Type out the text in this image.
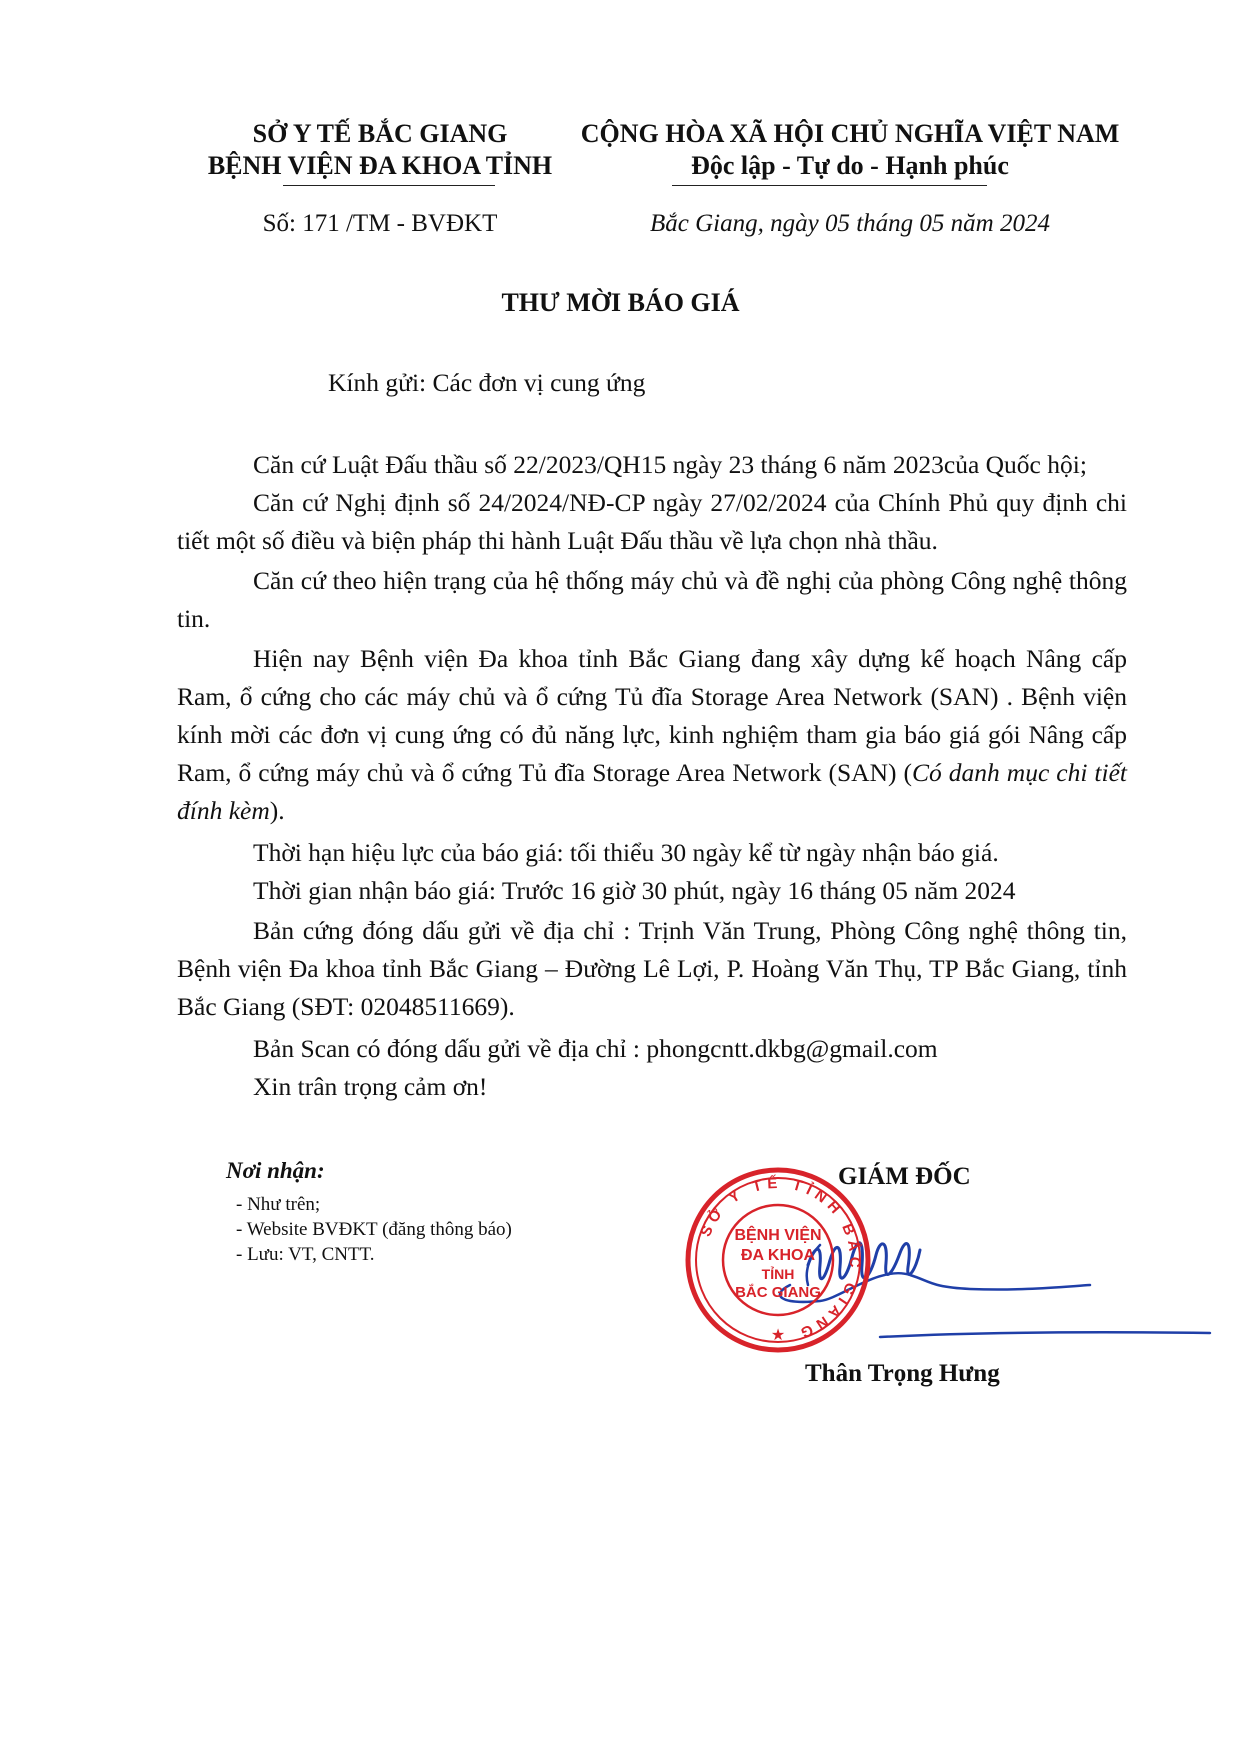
SỞ Y TẾ BẮC GIANG
BỆNH VIỆN ĐA KHOA TỈNH
Số: 171 /TM - BVĐKT
CỘNG HÒA XÃ HỘI CHỦ NGHĨA VIỆT NAM
Độc lập - Tự do - Hạnh phúc
Bắc Giang, ngày 05 tháng 05 năm 2024
THƯ MỜI BÁO GIÁ
Kính gửi: Các đơn vị cung ứng
Căn cứ Luật Đấu thầu số 22/2023/QH15 ngày 23 tháng 6 năm 2023của Quốc hội;
Căn cứ Nghị định số 24/2024/NĐ-CP ngày 27/02/2024 của Chính Phủ quy định chi tiết một số điều và biện pháp thi hành Luật Đấu thầu về lựa chọn nhà thầu.
Căn cứ theo hiện trạng của hệ thống máy chủ và đề nghị của phòng Công nghệ thông tin.
Hiện nay Bệnh viện Đa khoa tỉnh Bắc Giang đang xây dựng kế hoạch Nâng cấp Ram, ổ cứng cho các máy chủ và ổ cứng Tủ đĩa Storage Area Network (SAN) . Bệnh viện kính mời các đơn vị cung ứng có đủ năng lực, kinh nghiệm tham gia báo giá gói Nâng cấp Ram, ổ cứng máy chủ và ổ cứng Tủ đĩa Storage Area Network (SAN) (Có danh mục chi tiết đính kèm).
Thời hạn hiệu lực của báo giá: tối thiểu 30 ngày kể từ ngày nhận báo giá.
Thời gian nhận báo giá: Trước 16 giờ 30 phút, ngày 16 tháng 05 năm 2024
Bản cứng đóng dấu gửi về địa chỉ : Trịnh Văn Trung, Phòng Công nghệ thông tin, Bệnh viện Đa khoa tỉnh Bắc Giang – Đường Lê Lợi, P. Hoàng Văn Thụ, TP Bắc Giang, tỉnh Bắc Giang (SĐT: 02048511669).
Bản Scan có đóng dấu gửi về địa chỉ : phongcntt.dkbg@gmail.com
Xin trân trọng cảm ơn!
Nơi nhận:
- Như trên;
- Website BVĐKT (đăng thông báo)
- Lưu: VT, CNTT.
GIÁM ĐỐC
SỞ Y TẾ TỈNH BẮC GIANG
★
BỆNH VIỆN
ĐA KHOA
TỈNH
BẮC GIANG
Thân Trọng Hưng
